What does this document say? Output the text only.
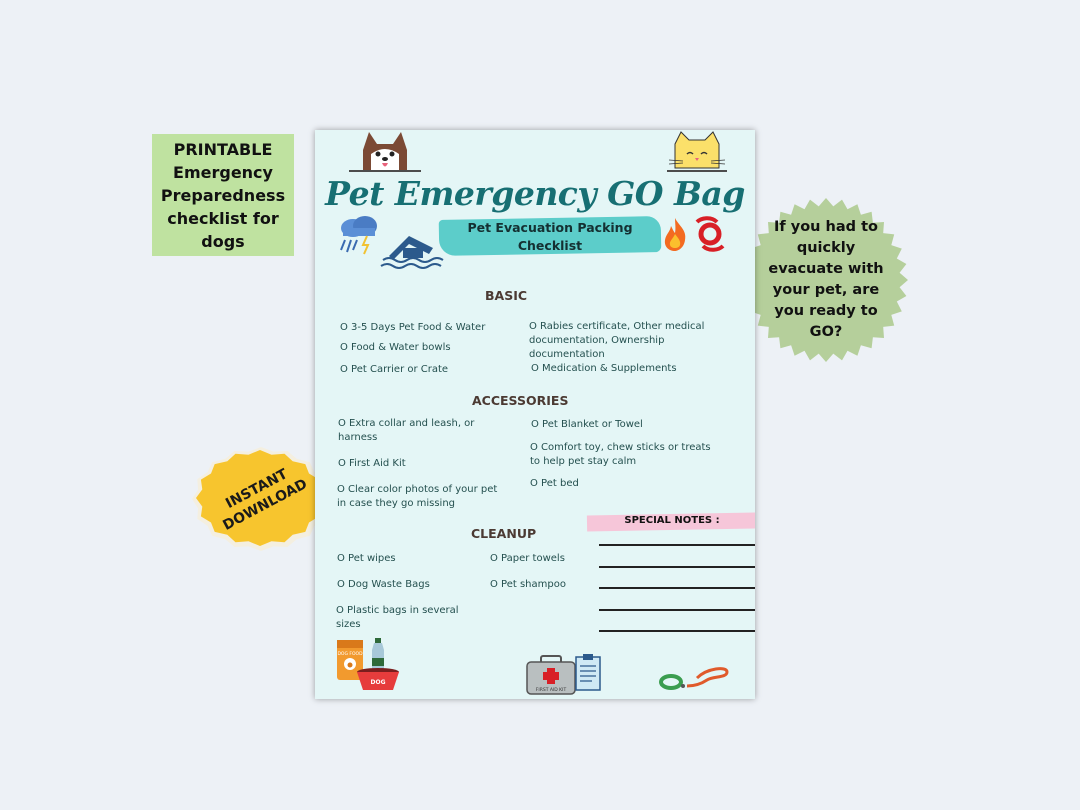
PRINTABLE Emergency Preparedness checklist for dogs
If you had to quickly evacuate with your pet, are you ready to GO?
INSTANT DOWNLOAD
Pet Emergency GO Bag
Pet Evacuation Packing Checklist
BASIC
O 3-5 Days Pet Food & Water
O Food & Water bowls
O Pet Carrier or Crate
O Rabies certificate, Other medical documentation, Ownership documentation
O Medication & Supplements
ACCESSORIES
O Extra collar and leash, or harness
O First Aid Kit
O Clear color photos of your pet in case they go missing
O Pet Blanket or Towel
O Comfort toy, chew sticks or treats to help pet stay calm
O Pet bed
SPECIAL NOTES :
CLEANUP
O Pet wipes
O Dog Waste Bags
O Plastic bags in several sizes
O Paper towels
O Pet shampoo
DOG FOOD
DOG
FIRST AID KIT
